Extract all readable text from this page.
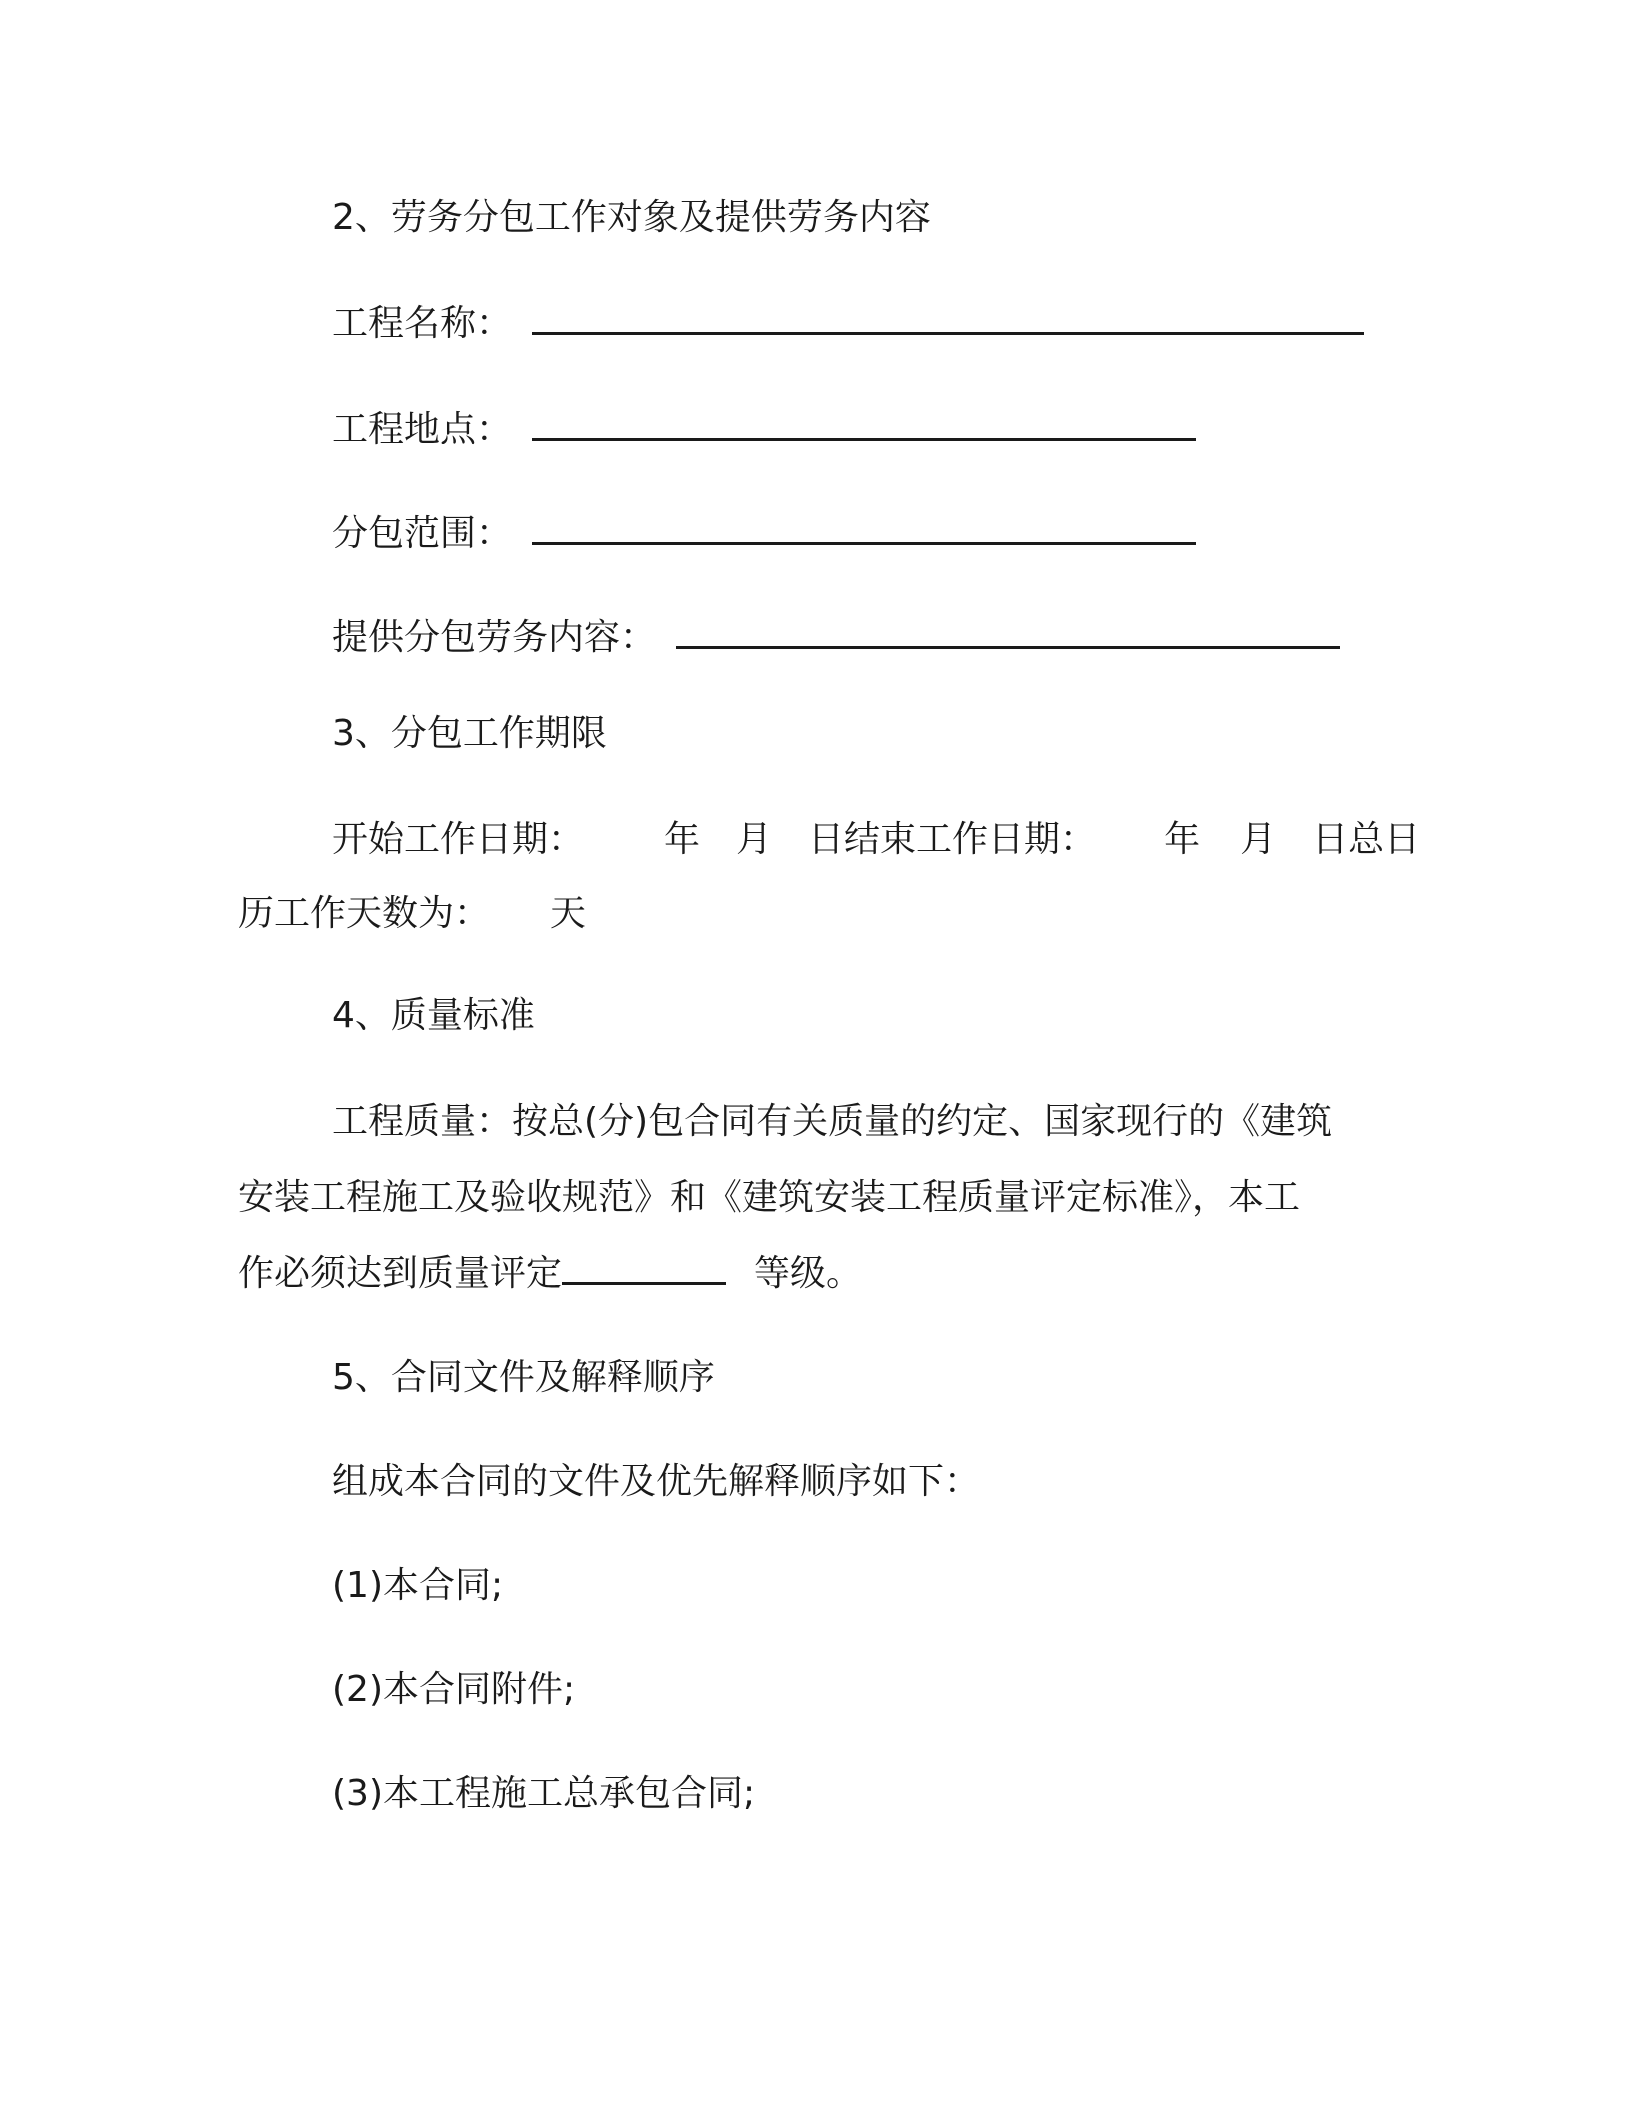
2、劳务分包工作对象及提供劳务内容
工程名称：
工程地点：
分包范围：
提供分包劳务内容：
3、分包工作期限
开始工作日期： 年 月 日结束工作日期： 年 月 日总日
历工作天数为： 天
4、质量标准
工程质量：按总(分)包合同有关质量的约定、国家现行的《建筑
安装工程施工及验收规范》和《建筑安装工程质量评定标准》，本工
作必须达到质量评定	等级。
5、合同文件及解释顺序
组成本合同的文件及优先解释顺序如下：
(1)本合同;
(2)本合同附件;
(3)本工程施工总承包合同;
